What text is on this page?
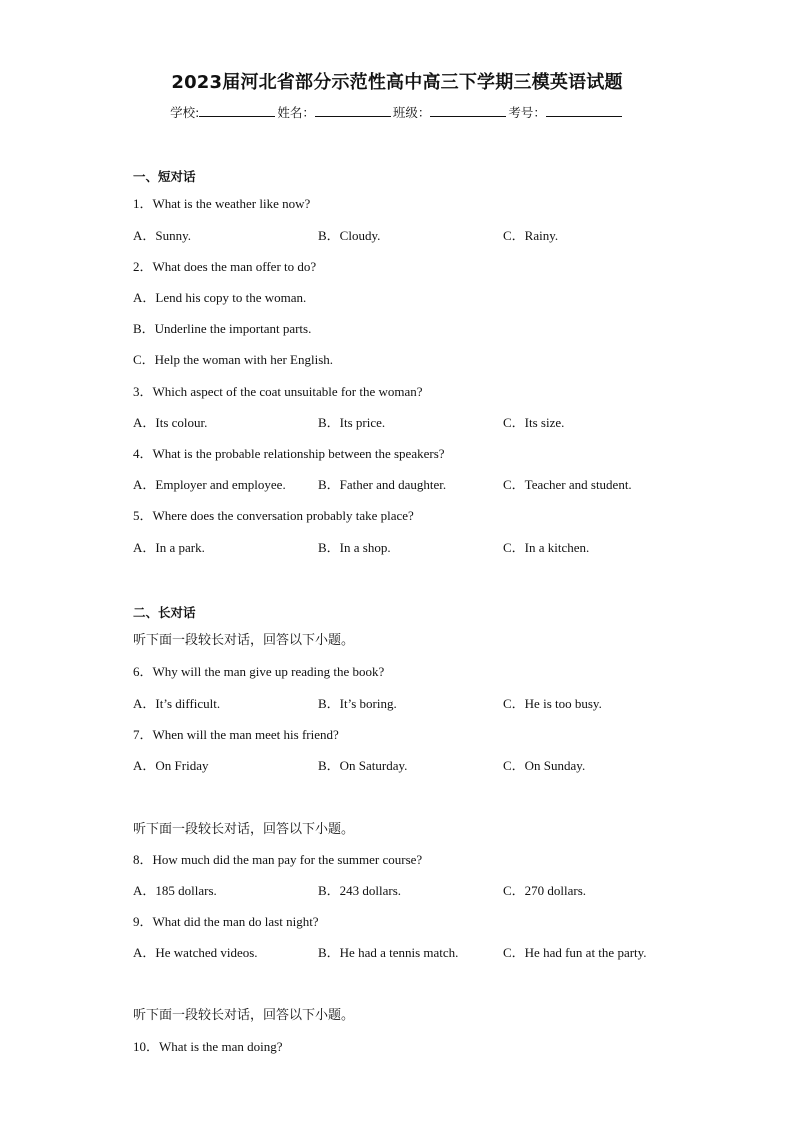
2023届河北省部分示范性高中高三下学期三模英语试题
学校:	姓名：	班级：	考号：
一、短对话
1．What is the weather like now?
A．Sunny.	B．Cloudy.	C．Rainy.
2．What does the man offer to do?
A．Lend his copy to the woman.
B．Underline the important parts.
C．Help the woman with her English.
3．Which aspect of the coat unsuitable for the woman?
A．Its colour.	B．Its price.	C．Its size.
4．What is the probable relationship between the speakers?
A．Employer and employee. B．Father and daughter.	C．Teacher and student.
5．Where does the conversation probably take place?
A．In a park.	B．In a shop.	C．In a kitchen.
二、长对话
听下面一段较长对话，回答以下小题。
6．Why will the man give up reading the book?
A．It’s difficult.	B．It’s boring.	C．He is too busy.
7．When will the man meet his friend?
A．On Friday	B．On Saturday.	C．On Sunday.
听下面一段较长对话，回答以下小题。
8．How much did the man pay for the summer course?
A．185 dollars.	B．243 dollars.	C．270 dollars.
9．What did the man do last night?
A．He watched videos.	B．He had a tennis match.	C．He had fun at the party.
听下面一段较长对话，回答以下小题。
10．What is the man doing?
